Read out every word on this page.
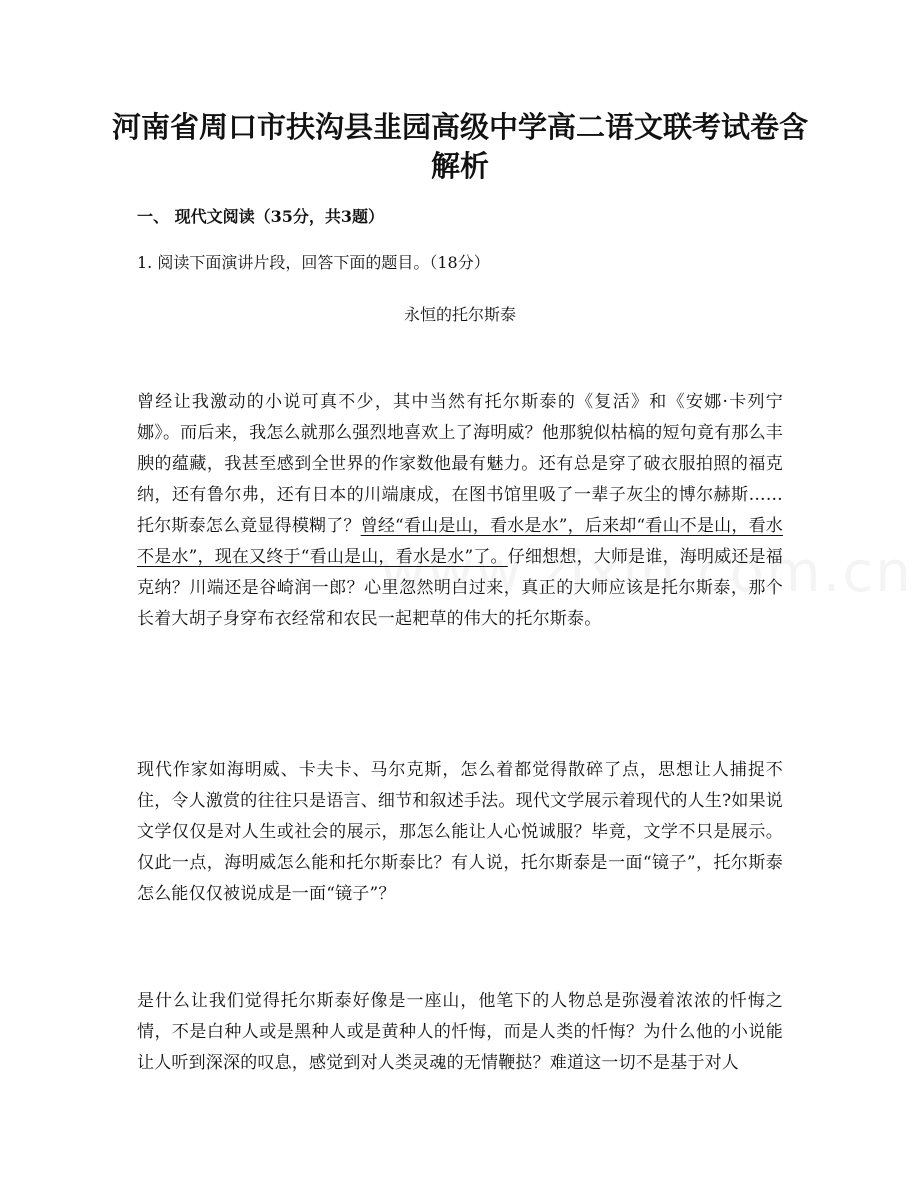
河南省周口市扶沟县韭园高级中学高二语文联考试卷含解析

一、 现代文阅读（35分，共3题）

1. 阅读下面演讲片段，回答下面的题目。（18分）

永恒的托尔斯泰

曾经让我激动的小说可真不少，其中当然有托尔斯泰的《复活》和《安娜·卡列宁娜》。而后来，我怎么就那么强烈地喜欢上了海明威？他那貌似枯槁的短句竟有那么丰腴的蕴藏，我甚至感到全世界的作家数他最有魅力。还有总是穿了破衣服拍照的福克纳，还有鲁尔弗，还有日本的川端康成，在图书馆里吸了一辈子灰尘的博尔赫斯……托尔斯泰怎么竟显得模糊了？曾经“看山是山，看水是水”，后来却“看山不是山，看水不是水”，现在又终于“看山是山，看水是水”了。仔细想想，大师是谁，海明威还是福克纳？川端还是谷崎润一郎？心里忽然明白过来，真正的大师应该是托尔斯泰，那个长着大胡子身穿布衣经常和农民一起耙草的伟大的托尔斯泰。

现代作家如海明威、卡夫卡、马尔克斯，怎么着都觉得散碎了点，思想让人捕捉不住，令人激赏的往往只是语言、细节和叙述手法。现代文学展示着现代的人生?如果说文学仅仅是对人生或社会的展示，那怎么能让人心悦诚服？毕竟，文学不只是展示。仅此一点，海明威怎么能和托尔斯泰比？有人说，托尔斯泰是一面“镜子”，托尔斯泰怎么能仅仅被说成是一面“镜子”？

是什么让我们觉得托尔斯泰好像是一座山，他笔下的人物总是弥漫着浓浓的忏悔之情，不是白种人或是黑种人或是黄种人的忏悔，而是人类的忏悔？为什么他的小说能让人听到深深的叹息，感觉到对人类灵魂的无情鞭挞？难道这一切不是基于对人
